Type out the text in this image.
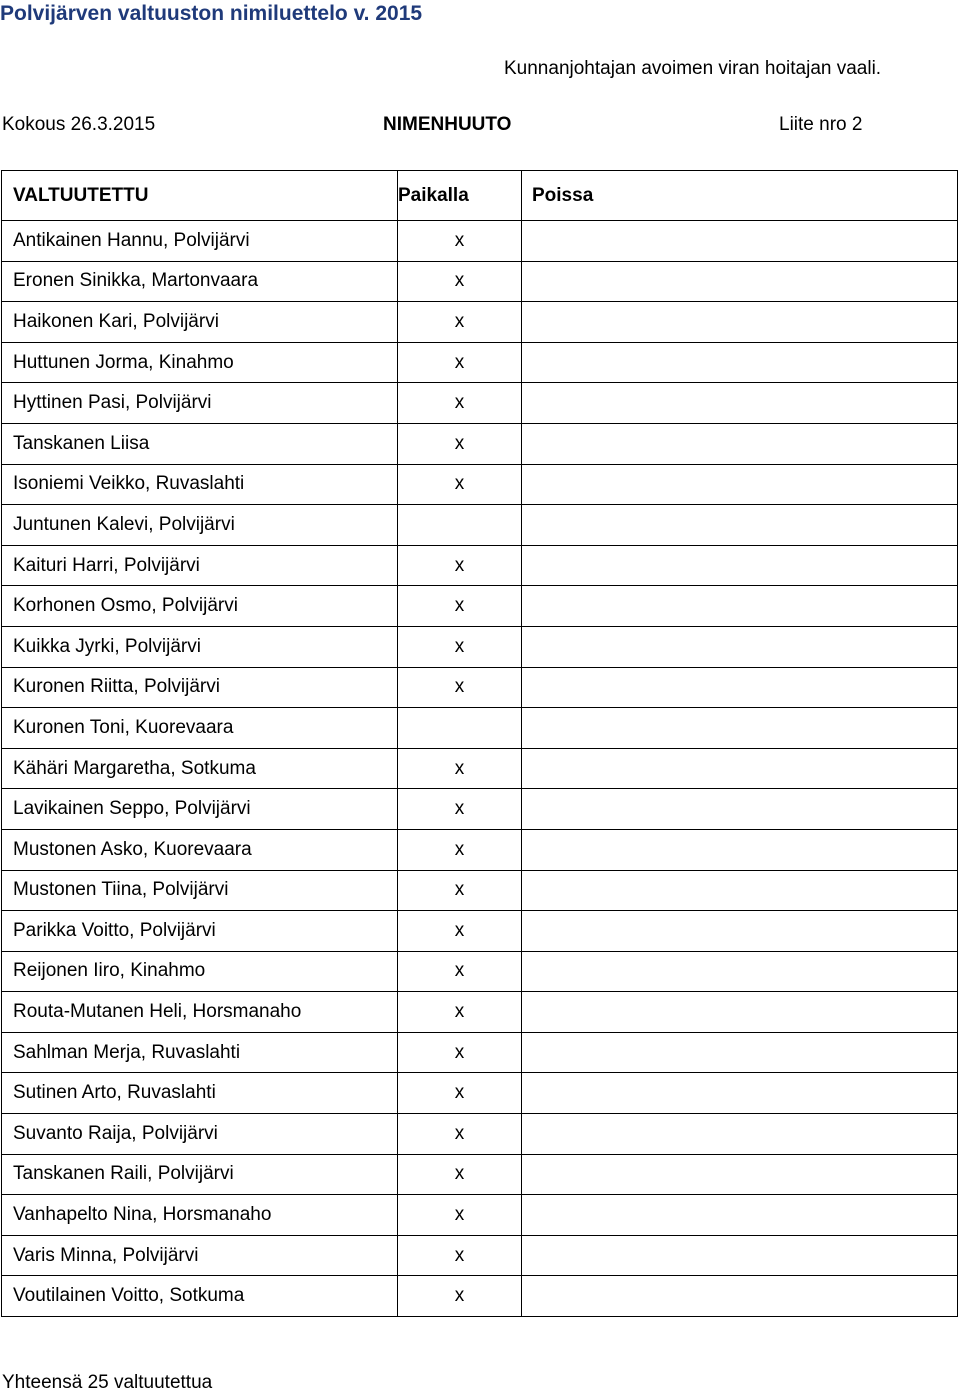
Polvijärven valtuuston nimiluettelo v. 2015
Kunnanjohtajan avoimen viran hoitajan vaali.
Kokous 26.3.2015	NIMENHUUTO	Liite nro 2
VALTUUTETTU	Paikalla	Poissa
Antikainen Hannu, Polvijärvi	x	
Eronen Sinikka, Martonvaara	x	
Haikonen Kari, Polvijärvi	x	
Huttunen Jorma, Kinahmo	x	
Hyttinen Pasi, Polvijärvi	x	
Tanskanen Liisa	x	
Isoniemi Veikko, Ruvaslahti	x	
Juntunen Kalevi, Polvijärvi		
Kaituri Harri, Polvijärvi	x	
Korhonen Osmo, Polvijärvi	x	
Kuikka Jyrki, Polvijärvi	x	
Kuronen Riitta, Polvijärvi	x	
Kuronen Toni, Kuorevaara		
Kähäri Margaretha, Sotkuma	x	
Lavikainen Seppo, Polvijärvi	x	
Mustonen Asko, Kuorevaara	x	
Mustonen Tiina, Polvijärvi	x	
Parikka Voitto, Polvijärvi	x	
Reijonen Iiro, Kinahmo	x	
Routa-Mutanen Heli, Horsmanaho	x	
Sahlman Merja, Ruvaslahti	x	
Sutinen Arto, Ruvaslahti	x	
Suvanto Raija, Polvijärvi	x	
Tanskanen Raili, Polvijärvi	x	
Vanhapelto Nina, Horsmanaho	x	
Varis Minna, Polvijärvi	x	
Voutilainen Voitto, Sotkuma	x	
Yhteensä 25 valtuutettua
